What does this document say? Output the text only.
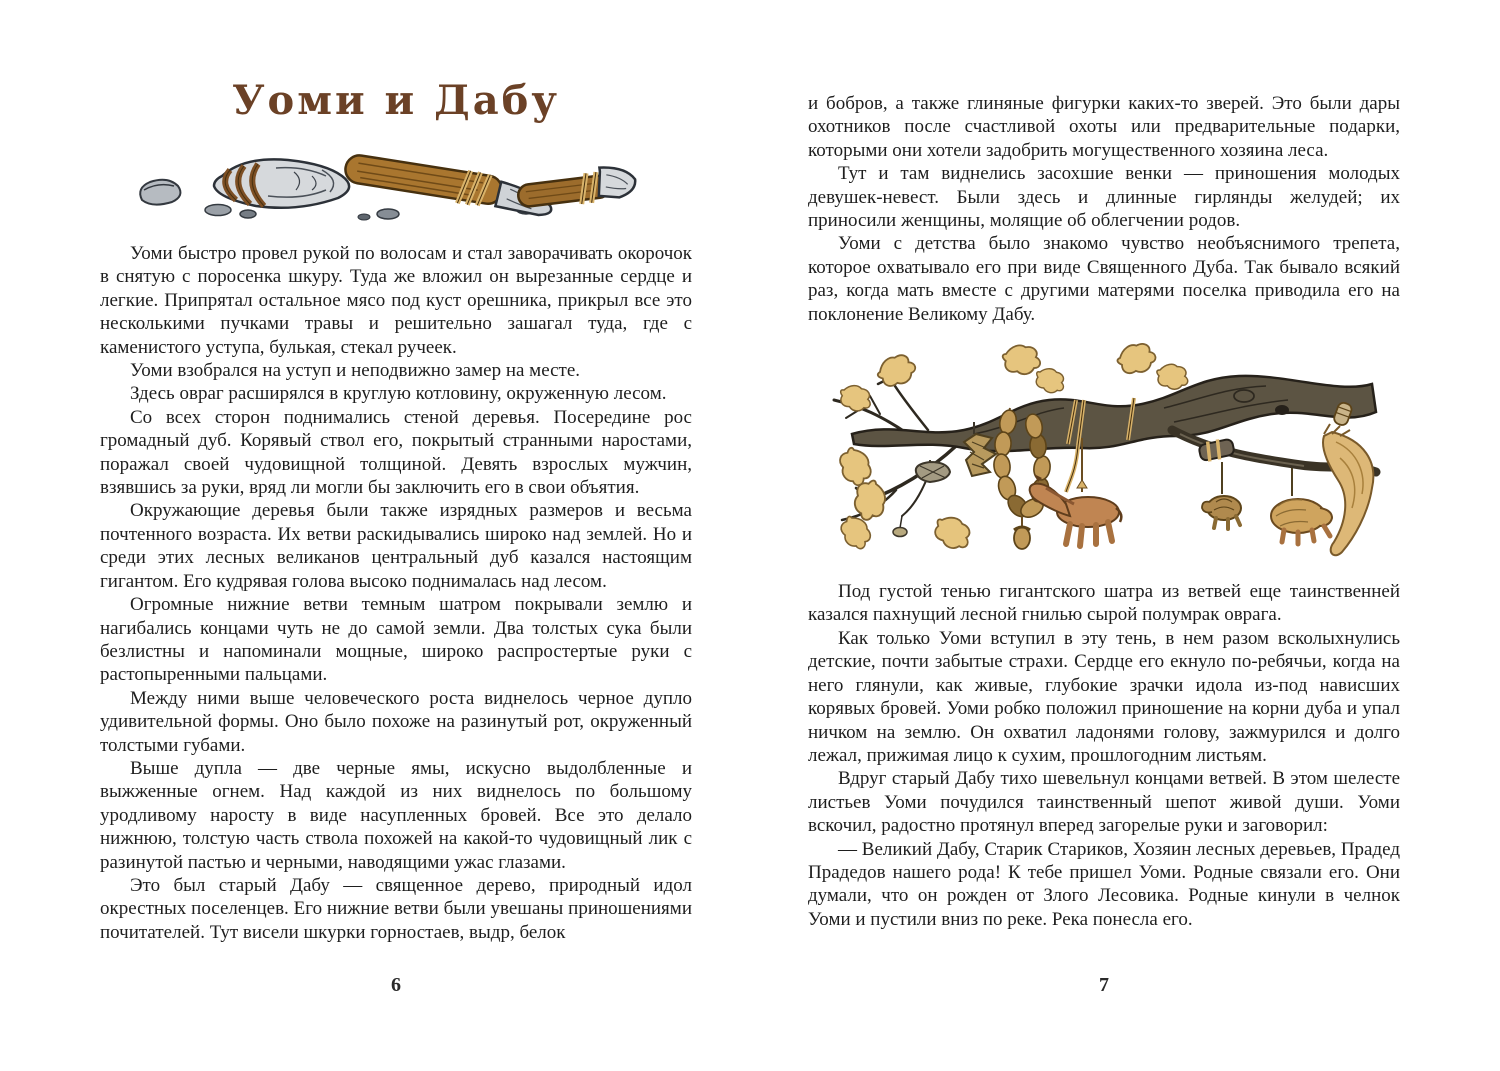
Уоми и Дабу

Уоми быстро провел рукой по волосам и стал заворачивать окорочок в снятую с поросенка шкуру. Туда же вложил он вырезанные сердце и легкие. Припрятал остальное мясо под куст орешника, прикрыл все это несколькими пучками травы и решительно зашагал туда, где с каменистого уступа, булькая, стекал ручеек.

Уоми взобрался на уступ и неподвижно замер на месте.

Здесь овраг расширялся в круглую котловину, окруженную лесом.

Со всех сторон поднимались стеной деревья. Посередине рос громадный дуб. Корявый ствол его, покрытый странными наростами, поражал своей чудовищной толщиной. Девять взрослых мужчин, взявшись за руки, вряд ли могли бы заключить его в свои объятия.

Окружающие деревья были также изрядных размеров и весьма почтенного возраста. Их ветви раскидывались широко над землей. Но и среди этих лесных великанов центральный дуб казался настоящим гигантом. Его кудрявая голова высоко поднималась над лесом.

Огромные нижние ветви темным шатром покрывали землю и нагибались концами чуть не до самой земли. Два толстых сука были безлистны и напоминали мощные, широко распростертые руки с растопыренными пальцами.

Между ними выше человеческого роста виднелось черное дупло удивительной формы. Оно было похоже на разинутый рот, окруженный толстыми губами.

Выше дупла — две черные ямы, искусно выдолбленные и выжженные огнем. Над каждой из них виднелось по большому уродливому наросту в виде насупленных бровей. Все это делало нижнюю, толстую часть ствола похожей на какой-то чудовищный лик с разинутой пастью и черными, наводящими ужас глазами.

Это был старый Дабу — священное дерево, природный идол окрестных поселенцев. Его нижние ветви были увешаны приношениями почитателей. Тут висели шкурки горностаев, выдр, белок

6

и бобров, а также глиняные фигурки каких-то зверей. Это были дары охотников после счастливой охоты или предварительные подарки, которыми они хотели задобрить могущественного хозяина леса.

Тут и там виднелись засохшие венки — приношения молодых девушек-невест. Были здесь и длинные гирлянды желудей; их приносили женщины, молящие об облегчении родов.

Уоми с детства было знакомо чувство необъяснимого трепета, которое охватывало его при виде Священного Дуба. Так бывало всякий раз, когда мать вместе с другими матерями поселка приводила его на поклонение Великому Дабу.

Под густой тенью гигантского шатра из ветвей еще таинственней казался пахнущий лесной гнилью сырой полумрак оврага.

Как только Уоми вступил в эту тень, в нем разом всколыхнулись детские, почти забытые страхи. Сердце его екнуло по-ребячьи, когда на него глянули, как живые, глубокие зрачки идола из-под нависших корявых бровей. Уоми робко положил приношение на корни дуба и упал ничком на землю. Он охватил ладонями голову, зажмурился и долго лежал, прижимая лицо к сухим, прошлогодним листьям.

Вдруг старый Дабу тихо шевельнул концами ветвей. В этом шелесте листьев Уоми почудился таинственный шепот живой души. Уоми вскочил, радостно протянул вперед загорелые руки и заговорил:

— Великий Дабу, Старик Стариков, Хозяин лесных деревьев, Прадед Прадедов нашего рода! К тебе пришел Уоми. Родные связали его. Они думали, что он рожден от Злого Лесовика. Родные кинули в челнок Уоми и пустили вниз по реке. Река понесла его.

7
